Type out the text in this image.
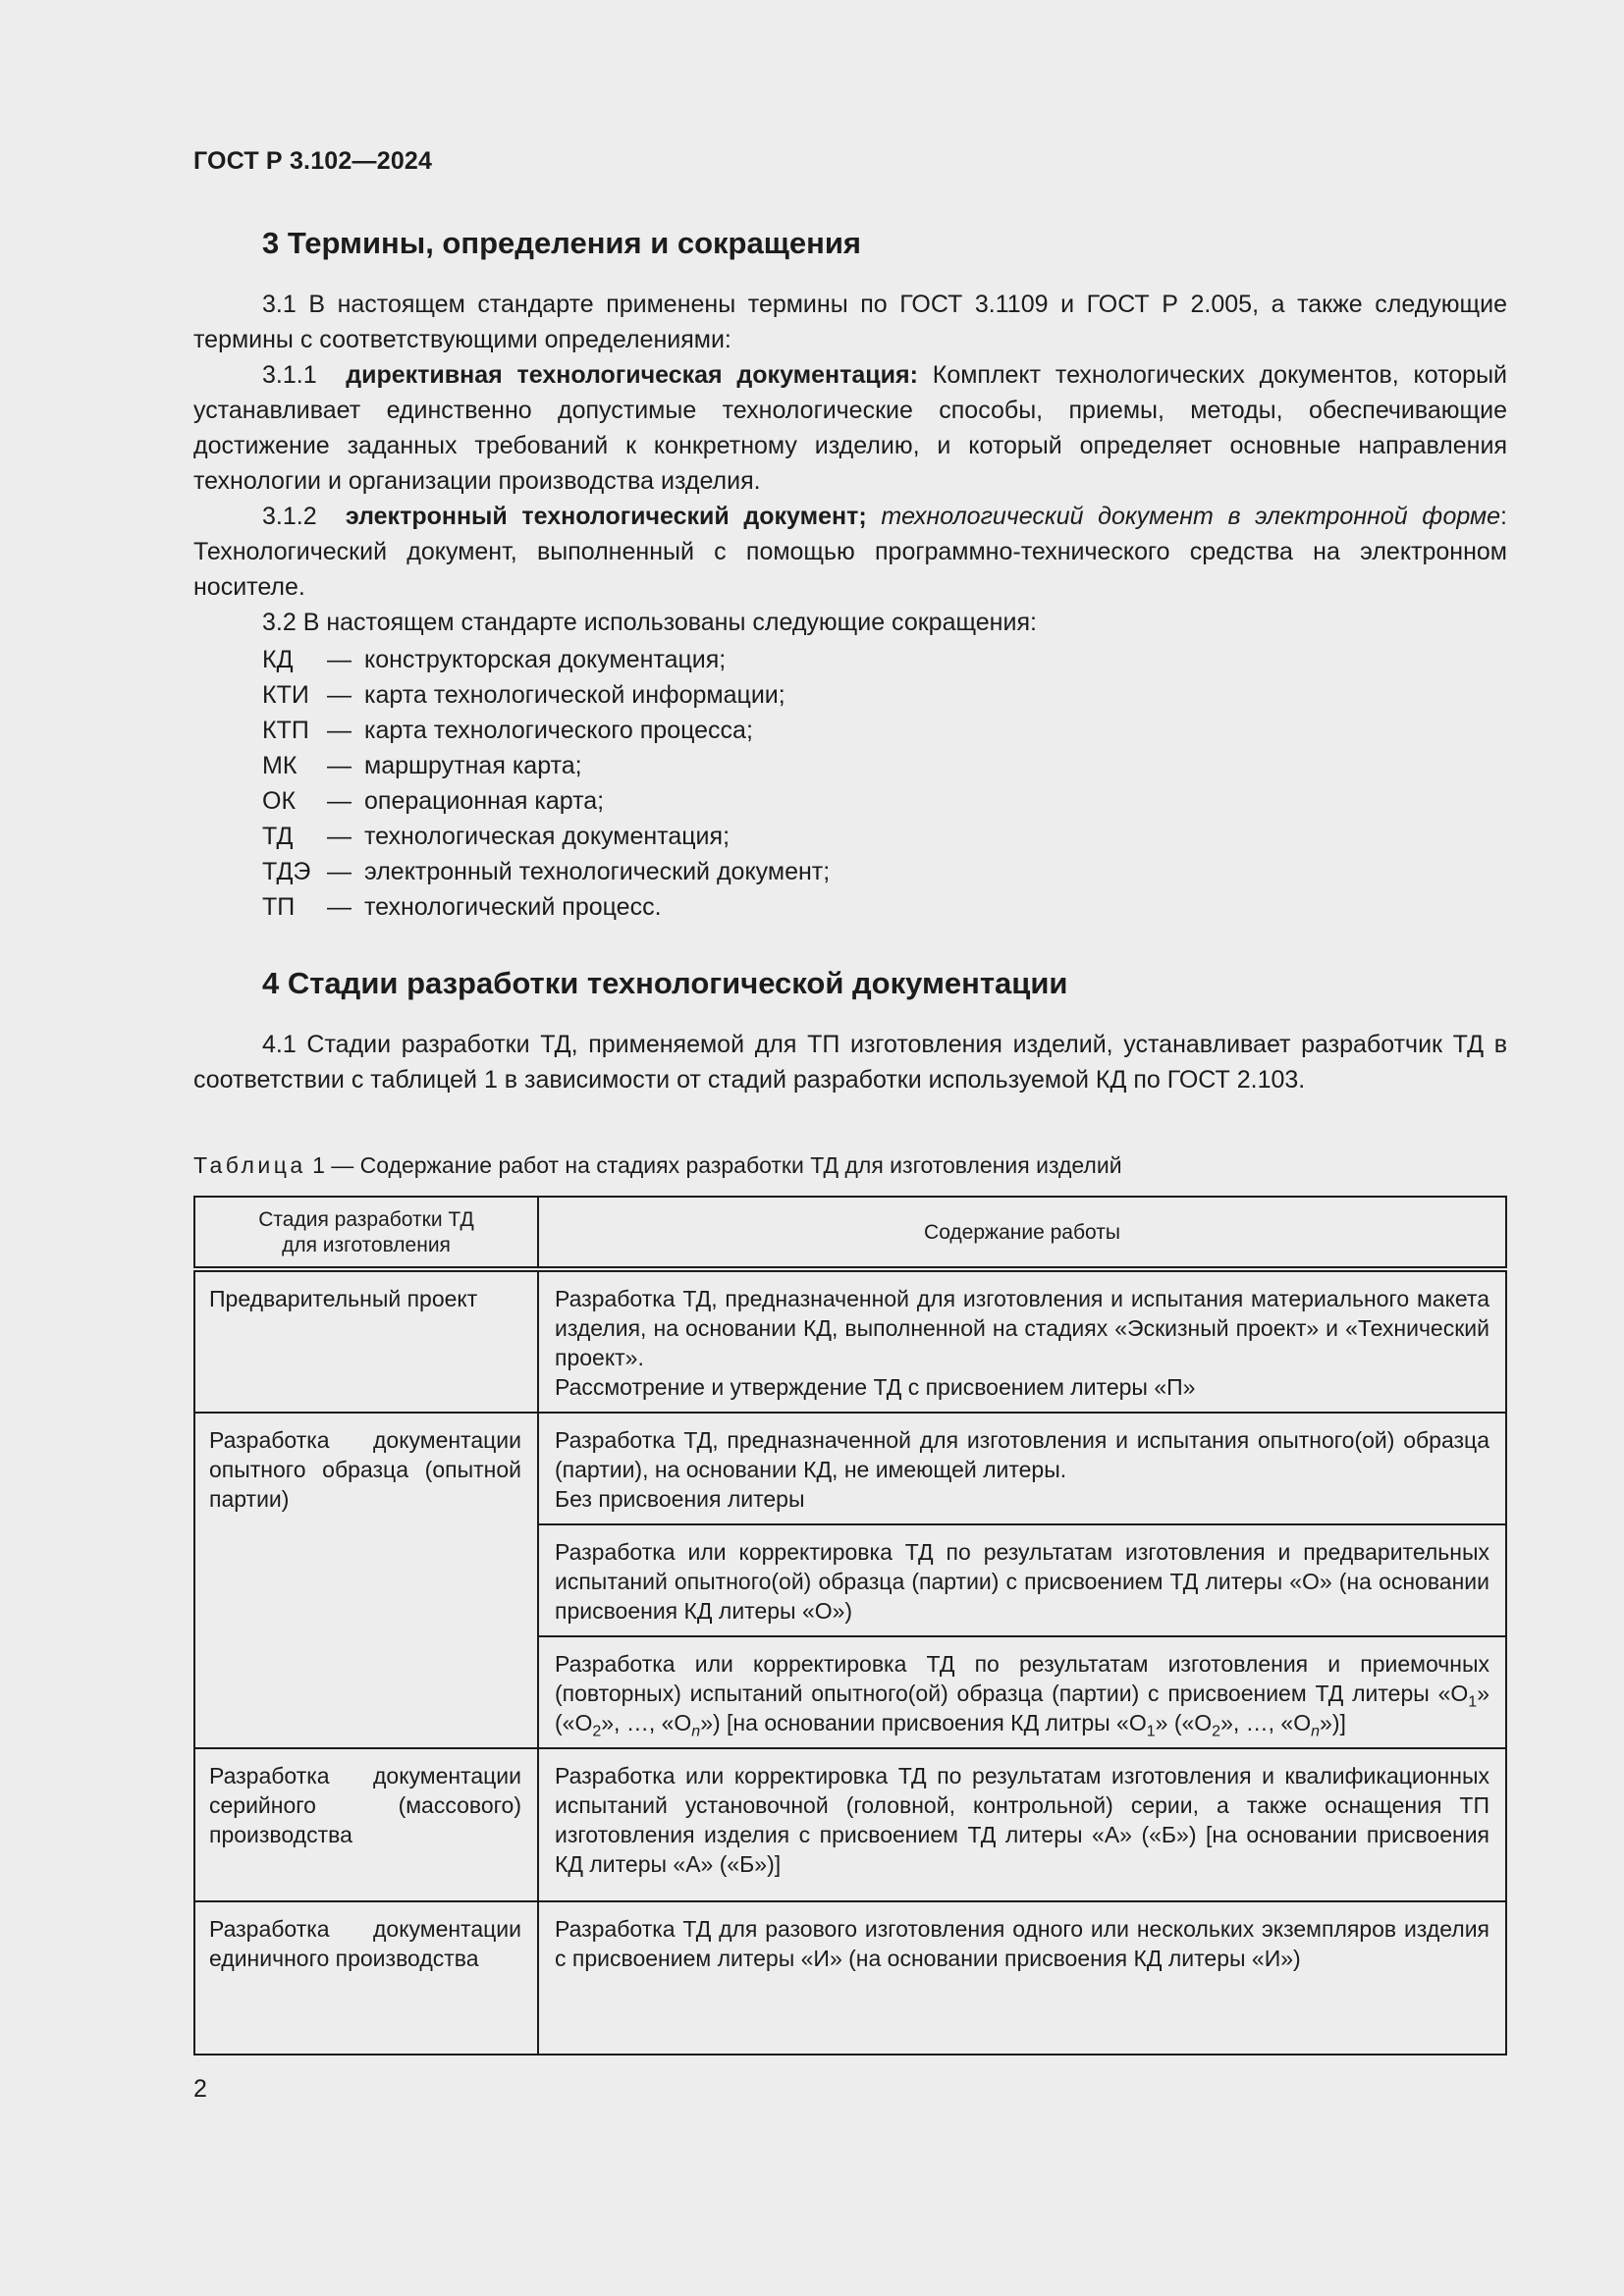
ГОСТ Р 3.102—2024
3 Термины, определения и сокращения

3.1 В настоящем стандарте применены термины по ГОСТ 3.1109 и ГОСТ Р 2.005, а также следующие термины с соответствующими определениями:

3.1.1 директивная технологическая документация: Комплект технологических документов, который устанавливает единственно допустимые технологические способы, приемы, методы, обеспечивающие достижение заданных требований к конкретному изделию, и который определяет основные направления технологии и организации производства изделия.

3.1.2 электронный технологический документ; технологический документ в электронной форме: Технологический документ, выполненный с помощью программно-технического средства на электронном носителе.

3.2 В настоящем стандарте использованы следующие сокращения:

КД	— конструкторская документация;
КТИ — карта технологической информации;
КТП — карта технологического процесса;
МК	— маршрутная карта;
ОК	— операционная карта;
ТД	— технологическая документация;
ТДЭ — электронный технологический документ;
ТП	— технологический процесс.
4 Стадии разработки технологической документации

4.1 Стадии разработки ТД, применяемой для ТП изготовления изделий, устанавливает разработчик ТД в соответствии с таблицей 1 в зависимости от стадий разработки используемой КД по ГОСТ 2.103.

Таблица 1 — Содержание работ на стадиях разработки ТД для изготовления изделий
Стадия разработки ТД
для изготовления	Содержание работы
Предварительный проект	Разработка ТД, предназначенной для изготовления и испытания материального макета изделия, на основании КД, выполненной на стадиях «Эскизный проект» и «Технический проект».
Рассмотрение и утверждение ТД с присвоением литеры «П»
Разработка документации опытного образца (опытной партии)	Разработка ТД, предназначенной для изготовления и испытания опытного(ой) образца (партии), на основании КД, не имеющей литеры.
Без присвоения литеры
	Разработка или корректировка ТД по результатам изготовления и предварительных испытаний опытного(ой) образца (партии) с присвоением ТД литеры «О» (на основании присвоения КД литеры «О»)
	Разработка или корректировка ТД по результатам изготовления и приемочных (повторных) испытаний опытного(ой) образца (партии) с присвоением ТД литеры «$О_1$» («$О_2$», …, «$О_n$») [на основании присвоения КД литры «$О_1$» («$О_2$», …, «$О_n$»)]
Разработка документации серийного (массового) производства	Разработка или корректировка ТД по результатам изготовления и квалификационных испытаний установочной (головной, контрольной) серии, а также оснащения ТП изготовления изделия с присвоением ТД литеры «А» («Б») [на основании присвоения КД литеры «А» («Б»)]
Разработка документации единичного производства	Разработка ТД для разового изготовления одного или нескольких экземпляров изделия с присвоением литеры «И» (на основании присвоения КД литеры «И»)
2
